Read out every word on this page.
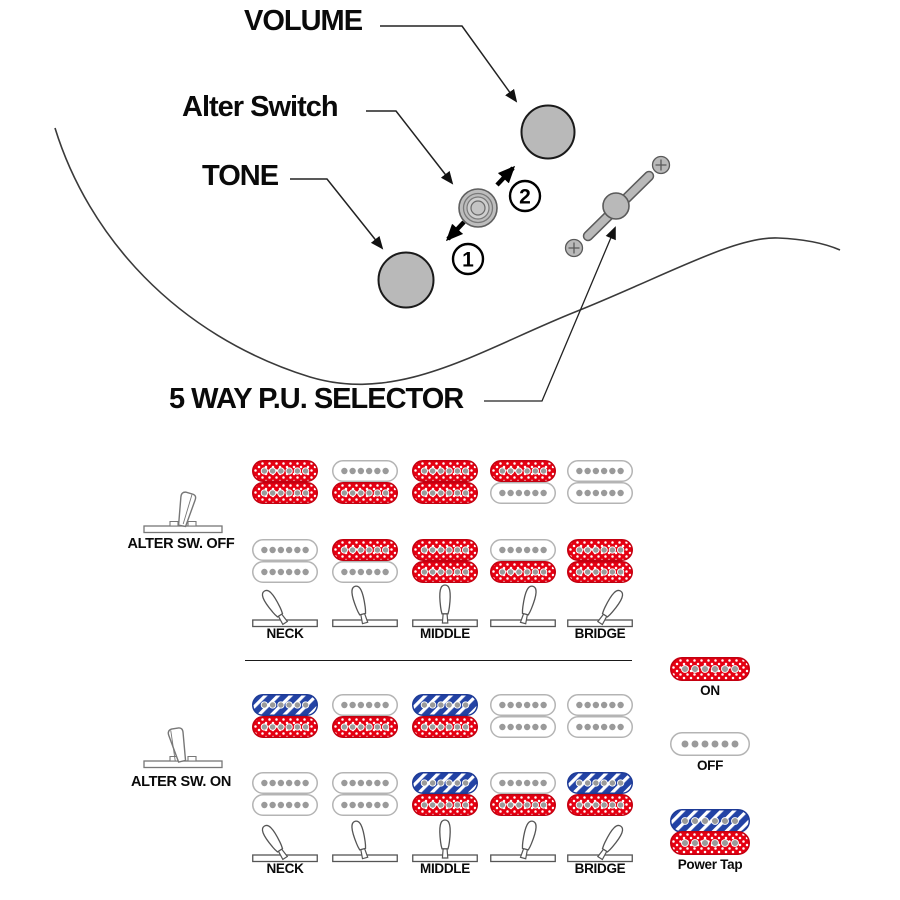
1
2
VOLUME
Alter Switch
TONE
5 WAY P.U. SELECTOR
ALTER SW. OFF
NECK	MIDDLE	BRIDGE
ALTER SW. ON
NECK	MIDDLE	BRIDGE
ON
OFF
Power Tap
